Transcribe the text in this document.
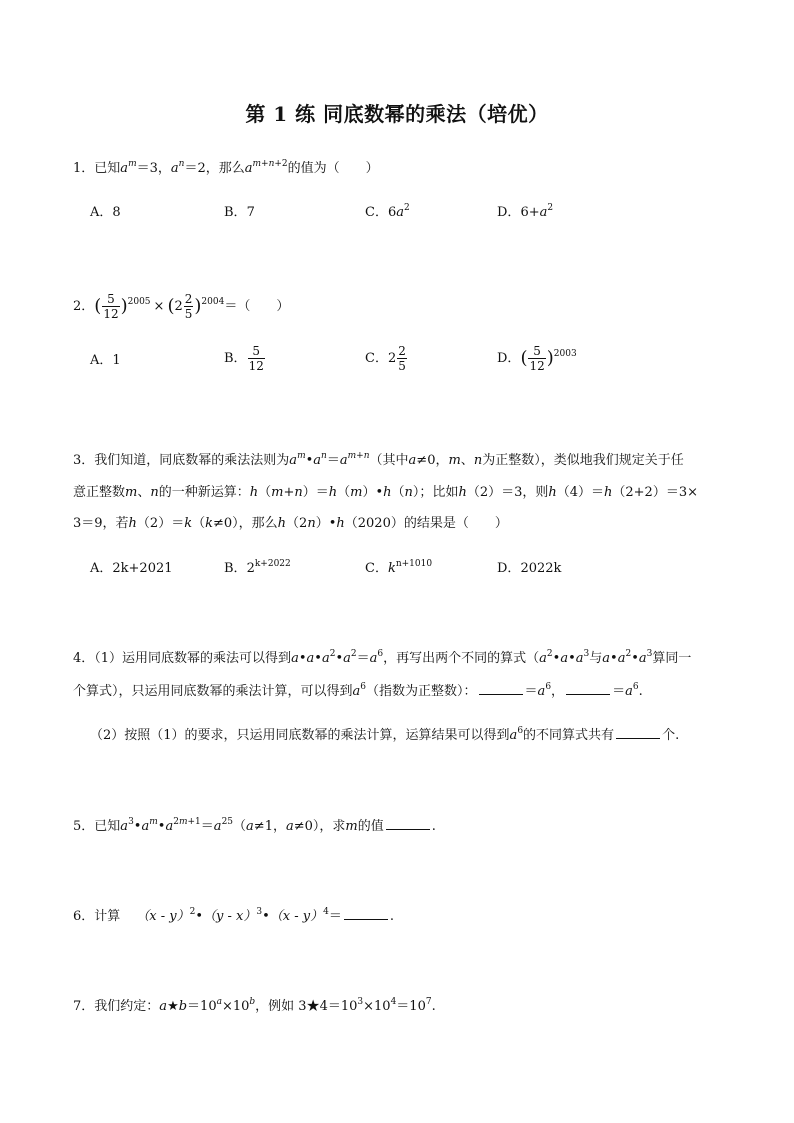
第 1 练 同底数幂的乘法（培优）
1．已知$a^m=3$，$a^n=2$，那么$a^{m+n+2}$的值为（　　）
A．8	B．7	C．$6a^2$	D．$6+a^2$
2．( $\frac{5}{12} )^{2005} \times (2 \frac{2}{5} )^{2004}=$（　　）
A．1	B． $\frac{5}{12}$	C．$2 \frac{2}{5}$	D．( $\frac{5}{12} )^{2003}$
3．我们知道，同底数幂的乘法法则为$a^m•a^n=a^{m+n}$（其中a≠0，m、n为正整数），类似地我们规定关于任
意正整数m、n的一种新运算：h（m+n）＝h（m）•h（n）；比如h（2）＝3，则h（4）＝h（2+2）＝3×
3＝9，若h（2）＝k（k≠0），那么h（2n）•h（2020）的结果是（　　）
A．2k+2021	B．$2^{k+2022}$	C．$k^{n+1010}$	D．2022k
4．（1）运用同底数幂的乘法可以得到$a•a•a^2•a^2=a^6$，再写出两个不同的算式（$a^2•a•a^3$与$a•a^2•a^3$算同一
个算式），只运用同底数幂的乘法计算，可以得到$a^6$（指数为正整数）：	$=a^6$，	$=a^6$.
（2）按照（1）的要求，只运用同底数幂的乘法计算，运算结果可以得到$a^6$的不同算式共有	个.
5．已知$a^3•a^m•a^{2m+1}=a^{25}(a\ne 1$，a≠0），求m的值	.
6．计算 （x - y）$^2$•（y - x）$^3$•（x - y）$^4$＝	.
7．我们约定：$a★b=10^a\times 10^b$，例如 $3★4=10^3\times 10^4=10^7$.
